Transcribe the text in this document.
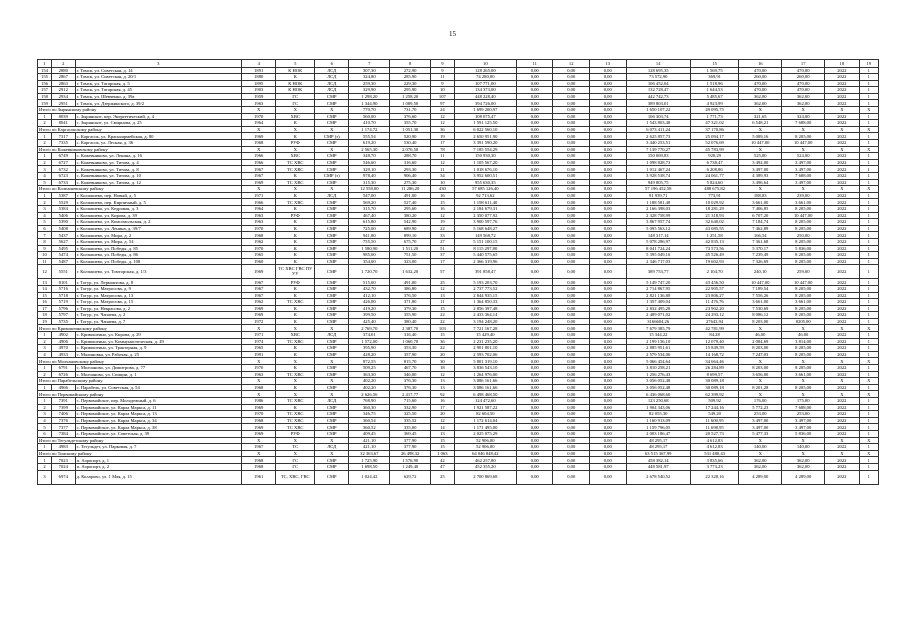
15
1	2	3	4	5	6	7	8	9	10	11	12	13	14	15	16	17	18	19
154	2880	г. Томск, ул. Советская, д. 14	1891	К НОК	ЛСД	307,30	272,90	9	128 265,00	0,00	0,00	0,00	128 695,35	1 569,75	470,00	470,00	2022	1
155	2867	г. Томск, ул. Советская, д. 20/1	1880	К	ЛСД	324,80	285,90	11	74 280,00	0,00	0,00	0,00	73 572,90	369,91	260,00	260,00	2022	1
156	2863	г. Томск, ул. Татарская, д. 5	1895	К НОК	ЛСД	259,30	229,30	9	107 771,00	0,00	0,00	0,00	106 452,04	1 518,96	470,00	470,00	2022	1
157	2912	г. Томск, ул. Татарская, д. 45	1903	К НОК	ЛСД	329,90	295,90	10	134 373,00	0,00	0,00	0,00	132 728,47	1 644,53	470,00	470,00	2022	1
158	2934	г. Томск, ул. Шевченко, д. 39а	1959	ГС	СМР	1 298,20	1 258,20	107	448 228,40	0,00	0,00	0,00	442 742,73	5 485,67	362,00	362,00	2022	1
159	2951	г. Томск, ул. Дзержинского, д. 39/2	1963	ГС	СМР	1 344,90	1 089,50	97	394 726,00	0,00	0,00	0,00	389 803,01	4 923,99	362,00	362,00	2022	1
Итого по Зырянскому району			X	X	X	770,70	731,70	24	1 699 200,97	0,00	0,00	0,00	1 650 107,22	49 095,75	X	X	X	X
1	8039	с. Зырянское, пер. Энергетический, д. 4	1970	ХВС	СМР	560,00	376,60	12	108 075,47	0,00	0,00	0,00	106 303,74	1 771,73	321,65	324,00	2022	1
2	8041	с. Зырянское, ул. Смирнова, д. 25	1964	К	СМР	410,70	355,70	12	1 591 125,50	0,00	0,00	0,00	1 543 803,48	47 321,02	6 548,21	7 688,00	2022	1
Итого по Каргасокскому району			X	X	X	1 174,72	1 051,30	36	6 022 560,10	0,00	0,00	0,00	6 073 411,24	37 170,86	X	X	X	X
1	7317	с. Каргасок, ул. Красноармейская, д. 80	1969	К	СМР (з)	555,54	520,90	19	2 650 951,90	0,00	0,00	0,00	2 625 857,73	25 094,17	5 089,16	8 205,00	2022	1
2	7335	с. Каргасок, ул. Лесная, д. 36	1968	РУФ	СМР	619,20	530,40	17	3 391 590,20	0,00	0,00	0,00	3 440 253,51	52 076,69	10 447,00	10 447,00	2022	1
Итого по Кожевниковскому району			X	X	X	2 565,30	2 070,50	78	7 185 554,29	0,00	0,00	0,00	7 139 770,27	45 783,99	X	X	X	X
1	6749	с. Кожевниково, ул. Ленина, д. 16	1966	ХВС	СМР	348,70	288,70	11	150 930,30	0,00	0,00	0,00	150 069,83	920,29	525,00	524,00	2022	1
2	6727	с. Кожевниково, ул. Титова, д. 4	1966	ТС ХВС	СМР	546,60	316,60	12	1 105 567,20	0,00	0,00	0,00	1 098 828,73	6 738,47	3 492,00	3 497,00	2022	1
3	6732	с. Кожевниково, ул. Титова, д. 8	1967	ТС ХВС	СМР	329,10	293,30	11	1 018 676,10	0,00	0,00	0,00	1 012 467,24	6 208,86	3 497,00	3 497,00	2022	1
4	6723	с. Кожевниково, ул. Титова, д. 10	1967	К	СМР (з)	978,40	906,40	34	3 952 600,51	0,00	0,00	0,00	3 928 538,74	24 061,77	4 389,93	7 688,00	2022	1
5	6733	с. Кожевниково, ул. Титова, д. 12	1969	ТС ХВС	СМР	315,30	275,30	10	955 630,35	0,00	0,00	0,00	949 805,75	5 824,60	3 496,64	3 497,00	2022	1
Итого по Колпашевскому району			X	X	X	12 558,00	11 286,20	430	57 685 126,40	0,00	0,00	0,00	57 196 452,58	488 675,82	X	X	X	X
1	5387	г. Колпашево, пер. Новый, д. 5	1971	К	ЛСД	547,00	491,00	16	92 713,62	0,00	0,00	0,00	91 939,71	773,91	188,83	239,00	2022	1
2	5529	г. Колпашево, пер. Кирпичный, д. 5	1966	ТС ХВС	СМР	569,20	527,40	15	1 198 611,40	0,00	0,00	0,00	1 188 581,48	10 029,92	3 661,00	3 661,00	2022	1
3	5384	г. Колпашево, ул. Кедровая, д. 3	1964	К	СМР	315,70	295,60	16	2 184 679,31	0,00	0,00	0,00	2 166 398,03	18 281,29	7 406,85	8 205,00	2022	1
4	5406	г. Колпашево, ул. Кирова, д. 39	1963	РУФ	СМР	467,40	380,20	12	2 350 077,92	0,00	0,00	0,00	2 328 758,99	21 318,93	6 707,20	10 447,00	2022	1
5	5390	г. Колпашево, ул. Комсомольская, д. 2	1963	К	СМР	615,80	542,90	19	3 900 597,76	0,00	0,00	0,00	3 867 957,74	32 640,02	7 184,74	8 205,00	2022	1
6	5408	г. Колпашево, ул. Ленина, д. 39/7	1970	К	СМР	725,00	689,90	22	5 168 648,27	0,00	0,00	0,00	5 095 563,12	43 085,55	7 462,89	8 205,00	2022	1
7	5437	г. Колпашево, ул. Мира, д. 2	1968	К	СМР	941,80	899,10	33	149 568,72	0,00	0,00	0,00	148 317,14	1 251,58	166,54	250,00	2022	1
8	5627	г. Колпашево, ул. Мира, д. 54	1962	К	СМР	755,50	675,70	27	5 151 100,15	0,00	0,00	0,00	5 078 286,97	42 835,13	7 361,68	8 205,00	2022	1
9	5495	г. Колпашево, ул. Победы, д. 85	1970	К	СМР	1 580,90	1 511,20	51	8 115 297,80	0,00	0,00	0,00	8 041 724,24	73 573,56	5 370,17	5 836,00	2022	1
10	5474	г. Колпашево, ул. Победы, д. 86	1965	К	СМР	985,00	751,50	37	5 440 575,65	0,00	0,00	0,00	5 395 049,16	45 526,49	7 239,49	8 205,00	2022	1
11	5487	г. Колпашево, ул. Победы, д. 108	1960	К	СМР	354,00	323,00	17	2 366 319,96	0,00	0,00	0,00	2 346 717,03	19 602,93	7 326,69	8 205,00	2022	1
12	5551	г. Колпашево, ул. Томторская, д. 1/3	1969	ТС ХВС ГВС ПУ УУ	СМР	1 720,70	1 632,20	57	391 858,47	0,00	0,00	0,00	389 753,77	2 104,70	240,10	259,00	2022	1
13	8101	г. Тогур, ул. Лермонтова, д. 8	1967	РУФ	СМР	515,00	491,00	25	5 193 203,70	0,00	0,00	0,00	5 149 747,20	43 456,50	10 447,00	10 447,00	2022	1
14	5716	г. Тогур, ул. Матросова, д. 9	1967	К	СМР	432,70	386,80	12	2 737 773,52	0,00	0,00	0,00	2 714 867,95	22 905,57	7 189,54	8 205,00	2022	1
15	5718	г. Тогур, ул. Матросова, д. 13	1967	К	СМР	412,10	376,50	13	2 844 935,15	0,00	0,00	0,00	2 821 136,88	23 806,27	7 556,26	8 205,00	2022	1
16	5719	г. Тогур, ул. Матросова, д. 15	1962	ТС ХВС	СМР	426,00	371,80	11	1 364 850,33	0,00	0,00	0,00	1 357 409,04	11 476,76	3 661,00	3 661,00	2022	1
17	5796	г. Тогур, ул. Некрасова, д. 2	1969	К	СМР	419,20	379,30	15	2 856 397,48	0,00	0,00	0,00	2 832 495,28	23 902,20	7 530,69	8 205,00	2022	1
18	5797	г. Тогур, ул. Чапаева, д. 2	1969	К	СМР	399,50	355,90	22	2 433 364,14	0,00	0,00	0,00	2 409 071,02	24 293,12	8 086,12	8 205,00	2022	1
19	5735	г. Тогур, ул. Чапаева, д. 7	1972	К	СМР	425,40	380,40	22	3 194 248,20	0,00	0,00	0,00	3166604,26	27643,94	8 203,00	8205,00	2022	1
Итого по Кривошеинскому району			X	X	X	2 769,70	2 387,70	103	7 721 167,28	0,00	0,00	0,00	7 679 385,79	42 781,99	X	X	X	X
1	4902	с. Кривошеино, ул. Кирова, д. 29	1971	ХВС	ЛСД	374,01	316,40	15	15 429,40	0,00	0,00	0,00	15 344,22	84,28	46,00	46,00	2022	1
2	4906	с. Кривошеино, ул. Коммунистическая, д. 49	1974	ТС ХВС	СМР	1 572,00	1 060,70	36	2 231 235,20	0,00	0,00	0,00	2 199 156,10	12 079,40	2 084,69	3 814,00	2022	1
3	4970	с. Кривошеино, ул. Тракторная, д. 9	1965	К	СМР	395,90	353,30	22	2 901 801,10	0,00	0,00	0,00	2 885 951,61	15 849,59	8 203,00	8 205,00	2022	1
4	4933	с. Малиновка, ул. Рабочая, д. 25	1991	К	СМР	428,20	357,90	20	2 593 702,06	0,00	0,00	0,00	2 579 534,06	14 168,72	7 247,03	8 205,00	2022	1
Итого по Молчановскому району			X	X	X	872,55	815,70	30	5 801 319,10	0,00	0,00	0,00	5 066 454,64	34 664,46	X	X	X	X
1	6791	с. Молчаново, ул. Димитрова, д. 77	1970	К	СМР	509,25	467,70	18	3 836 543,10	0,00	0,00	0,00	3 810 258,21	26 284,89	8 203,00	8 205,00	2022	1
2	6726	с. Молчаново, ул. Спиции, д. 1	1963	ТС ХВС	СМР	363,30	346,00	12	1 264 976,00	0,00	0,00	0,00	1 256 276,43	8 699,57	3 656,00	3 661,00	2022	1
Итого по Парабельскому району			X	X	X	402,20	376,30	13	3 086 161,66	0,00	0,00	0,00	3 056 052,48	30 089,18	X	X	X	X
1	4966	с. Парабель, ул. Советская, д. 54	1968	К	СМР	402,20	376,30	13	3 086 161,66	0,00	0,00	0,00	3 056 052,48	30 089,18	8 201,28	8 205,00	2022	1
Итого по Первомайскому району			X	X	X	2 626,56	2 417,77	92	6 498 468,50	0,00	0,00	0,00	6 436 068,60	62 399,92	X	X	X	X
1	7391	с. Первомайское, пер. Молодежный, д. 6	1986	ТС ХВС	ЛСД	768,90	715,60	16	124 472,60	0,00	0,00	0,00	123 250,68	509,92	176,00	175,00	2022	1
2	7399	с. Первомайское, ул. Карла Маркса, д. 11	1969	К	СМР	360,30	332,90	17	1 921 587,22	0,00	0,00	0,00	1 904 343,06	17 244,16	5 772,23	7 688,00	2022	1
3	7406	с. Первомайское, ул. Карла Маркса, д. 13	1970	ТС ХВС	СМР	346,75	325,50	20	82 604,50	0,00	0,00	0,00	82 055,30	549,20	253,00	253,00	2022	1
4	7376	с. Первомайское, ул. Карла Маркса, д. 34	1968	ТС ХВС	СМР	360,54	335,52	12	1 172 614,04	0,00	0,00	0,00	1 160 913,09	11 600,95	3 497,00	3 497,00	2022	1
5	7377	с. Первомайское, ул. Карла Маркса, д. 38	1969	ТС ХВС	СМР	360,52	335,00	14	1 171 495,00	0,00	0,00	0,00	1 159 796,05	11 698,95	3 497,00	3 497,00	2022	1
6	7384	с. Первомайское, ул. Советская, д. 39	1969	РУФ	СМР	409,45	369,45	13	2 025 075,29	0,00	0,00	0,00	2 003 186,47	20 527,73	5 477,33	5 836,00	2022	1
Итого по Тегульдетскому району			X	X	X	421,10	377,90	15	52 906,00	0,00	0,00	0,00	48 295,17	4 612,83	X	X	X	X
1	4983	с. Тегульдет, ул. Парковая, д. 7	1967	ТС	ЛСД	421,10	377,90	15	52 906,00	0,00	0,00	0,00	48 295,17	4 612,83	140,00	140,00	2022	1
Итого по Томскому району			X	X	X	32 363,67	26 498,32	1 063	64 046 848,42	0,00	0,00	0,00	63 515 367,99	531 480,43	X	X	X	X
1	7023	п. Аэропорт, д. 1	1968	ГС	СМР	1 725,90	1 576,90	42	462 257,80	0,00	0,00	0,00	458 382,14	3 835,66	362,00	362,00	2022	1
2	7024	п. Аэропорт, д. 2	1968	ГС	СМР	1 698,50	1 249,40	47	452 355,20	0,00	0,00	0,00	448 581,97	3 773,23	362,00	362,00	2022	1
3	6974	д. Коларово, ул. 1 Мая, д. 15	1961	ТС, ХВС, ГВС	СМР	1 024,42	629,72	25	2 700 869,68	0,00	0,00	0,00	2 678 540,52	22 328,16	4 289,00	4 289,00	2022	1
